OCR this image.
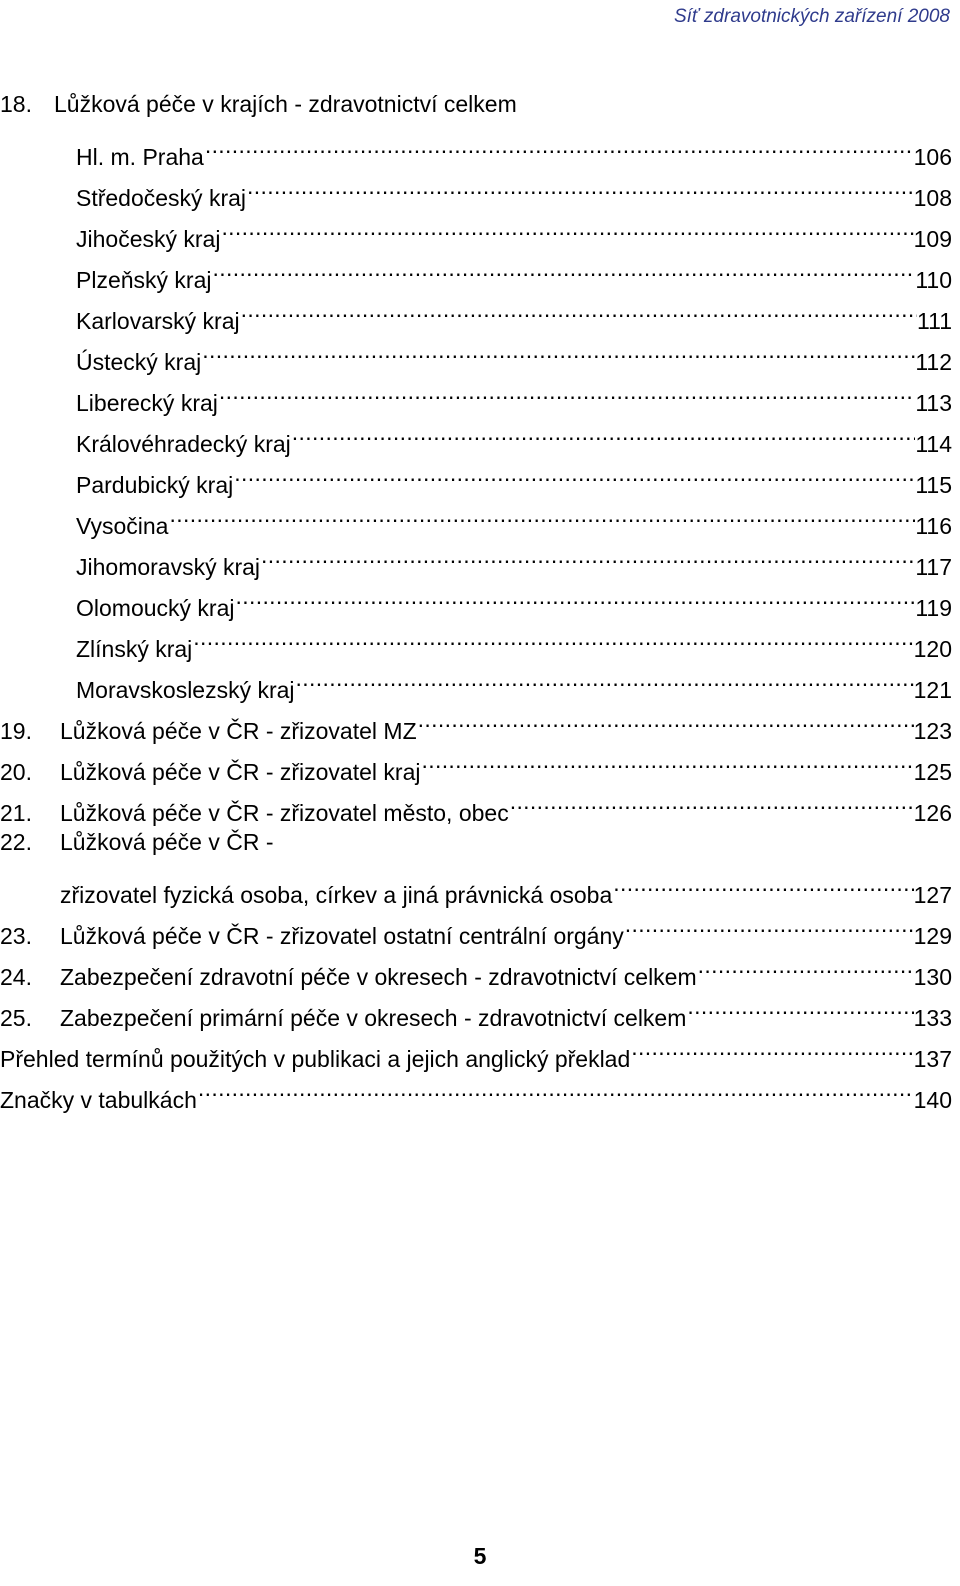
Síť zdravotnických zařízení 2008
18. Lůžková péče v krajích - zdravotnictví celkem
Hl. m. Praha .....	106
Středočeský kraj .....	108
Jihočeský kraj .....	109
Plzeňský kraj .....	110
Karlovarský kraj .....	111
Ústecký kraj .....	112
Liberecký kraj .....	113
Královéhradecký kraj .....	114
Pardubický kraj .....	115
Vysočina .....	116
Jihomoravský kraj .....	117
Olomoucký kraj .....	119
Zlínský kraj .....	120
Moravskoslezský kraj .....	121
19.	Lůžková péče v ČR - zřizovatel MZ .....	123
20.	Lůžková péče v ČR - zřizovatel kraj .....	125
21.	Lůžková péče v ČR - zřizovatel město, obec .....	126
22. Lůžková péče v ČR -
zřizovatel fyzická osoba, církev a jiná právnická osoba .....	127
23.	Lůžková péče v ČR - zřizovatel ostatní centrální orgány .....	129
24.	Zabezpečení zdravotní péče v okresech - zdravotnictví celkem .....	130
25.	Zabezpečení primární péče v okresech - zdravotnictví celkem .....	133
Přehled termínů použitých v publikaci a jejich anglický překlad .....	137
Značky v tabulkách .....	140
5
